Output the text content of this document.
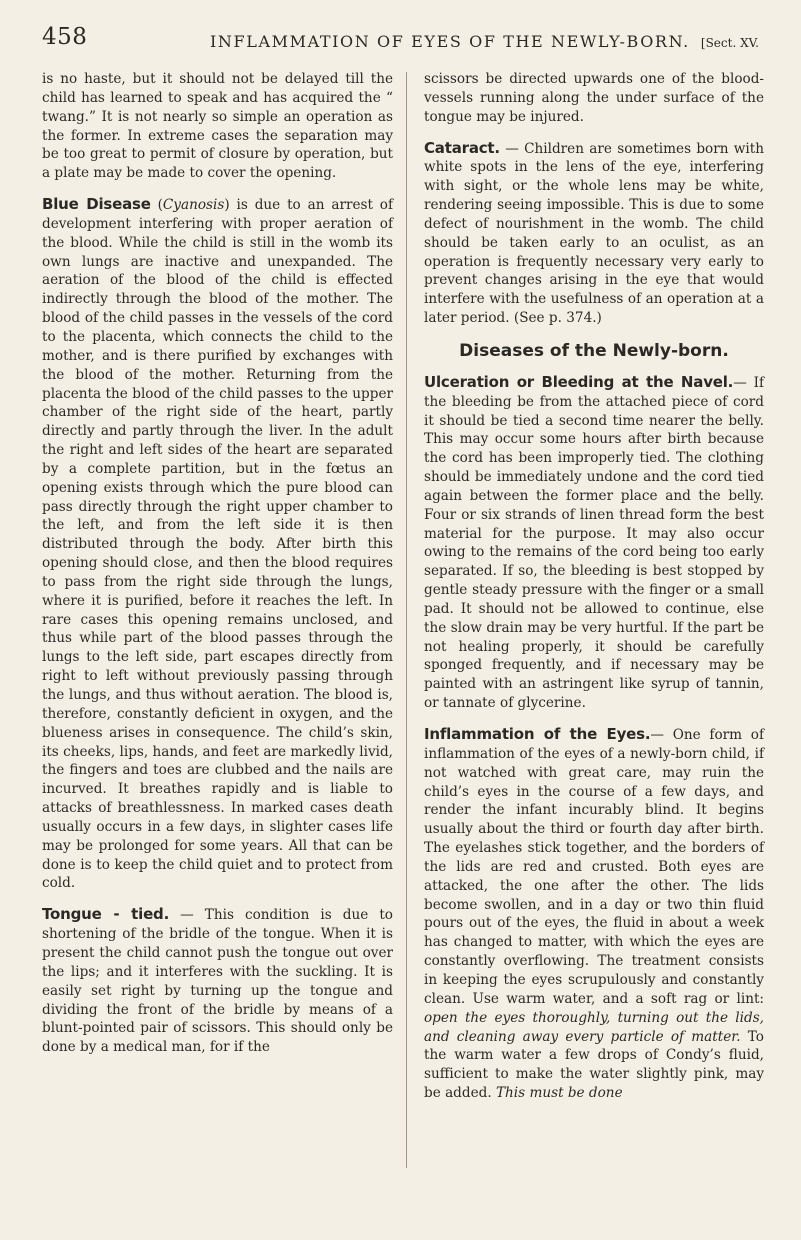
458	INFLAMMATION OF EYES OF THE NEWLY-BORN. [Sect. XV.

is no haste, but it should not be delayed till the child has learned to speak and has acquired the “ twang.” It is not nearly so simple an operation as the former. In extreme cases the separation may be too great to permit of closure by operation, but a plate may be made to cover the opening.

Blue Disease (Cyanosis) is due to an arrest of development interfering with proper aeration of the blood. While the child is still in the womb its own lungs are inactive and unexpanded. The aeration of the blood of the child is effected indirectly through the blood of the mother. The blood of the child passes in the vessels of the cord to the placenta, which connects the child to the mother, and is there purified by exchanges with the blood of the mother. Returning from the placenta the blood of the child passes to the upper chamber of the right side of the heart, partly directly and partly through the liver. In the adult the right and left sides of the heart are separated by a complete partition, but in the fœtus an opening exists through which the pure blood can pass directly through the right upper chamber to the left, and from the left side it is then distributed through the body. After birth this opening should close, and then the blood requires to pass from the right side through the lungs, where it is purified, before it reaches the left. In rare cases this opening remains unclosed, and thus while part of the blood passes through the lungs to the left side, part escapes directly from right to left without previously passing through the lungs, and thus without aeration. The blood is, therefore, constantly deficient in oxygen, and the blueness arises in consequence. The child’s skin, its cheeks, lips, hands, and feet are markedly livid, the fingers and toes are clubbed and the nails are incurved. It breathes rapidly and is liable to attacks of breathlessness. In marked cases death usually occurs in a few days, in slighter cases life may be prolonged for some years. All that can be done is to keep the child quiet and to protect from cold.

Tongue - tied. — This condition is due to shortening of the bridle of the tongue. When it is present the child cannot push the tongue out over the lips; and it interferes with the suckling. It is easily set right by turning up the tongue and dividing the front of the bridle by means of a blunt-pointed pair of scissors. This should only be done by a medical man, for if the

scissors be directed upwards one of the blood-vessels running along the under surface of the tongue may be injured.

Cataract. — Children are sometimes born with white spots in the lens of the eye, interfering with sight, or the whole lens may be white, rendering seeing impossible. This is due to some defect of nourishment in the womb. The child should be taken early to an oculist, as an operation is frequently necessary very early to prevent changes arising in the eye that would interfere with the usefulness of an operation at a later period. (See p. 374.)

Diseases of the Newly-born.

Ulceration or Bleeding at the Navel.— If the bleeding be from the attached piece of cord it should be tied a second time nearer the belly. This may occur some hours after birth because the cord has been improperly tied. The clothing should be immediately undone and the cord tied again between the former place and the belly. Four or six strands of linen thread form the best material for the purpose. It may also occur owing to the remains of the cord being too early separated. If so, the bleeding is best stopped by gentle steady pressure with the finger or a small pad. It should not be allowed to continue, else the slow drain may be very hurtful. If the part be not healing properly, it should be carefully sponged frequently, and if necessary may be painted with an astringent like syrup of tannin, or tannate of glycerine.

Inflammation of the Eyes.— One form of inflammation of the eyes of a newly-born child, if not watched with great care, may ruin the child’s eyes in the course of a few days, and render the infant incurably blind. It begins usually about the third or fourth day after birth. The eyelashes stick together, and the borders of the lids are red and crusted. Both eyes are attacked, the one after the other. The lids become swollen, and in a day or two thin fluid pours out of the eyes, the fluid in about a week has changed to matter, with which the eyes are constantly overflowing. The treatment consists in keeping the eyes scrupulously and constantly clean. Use warm water, and a soft rag or lint: open the eyes thoroughly, turning out the lids, and cleaning away every particle of matter. To the warm water a few drops of Condy’s fluid, sufficient to make the water slightly pink, may be added. This must be done
